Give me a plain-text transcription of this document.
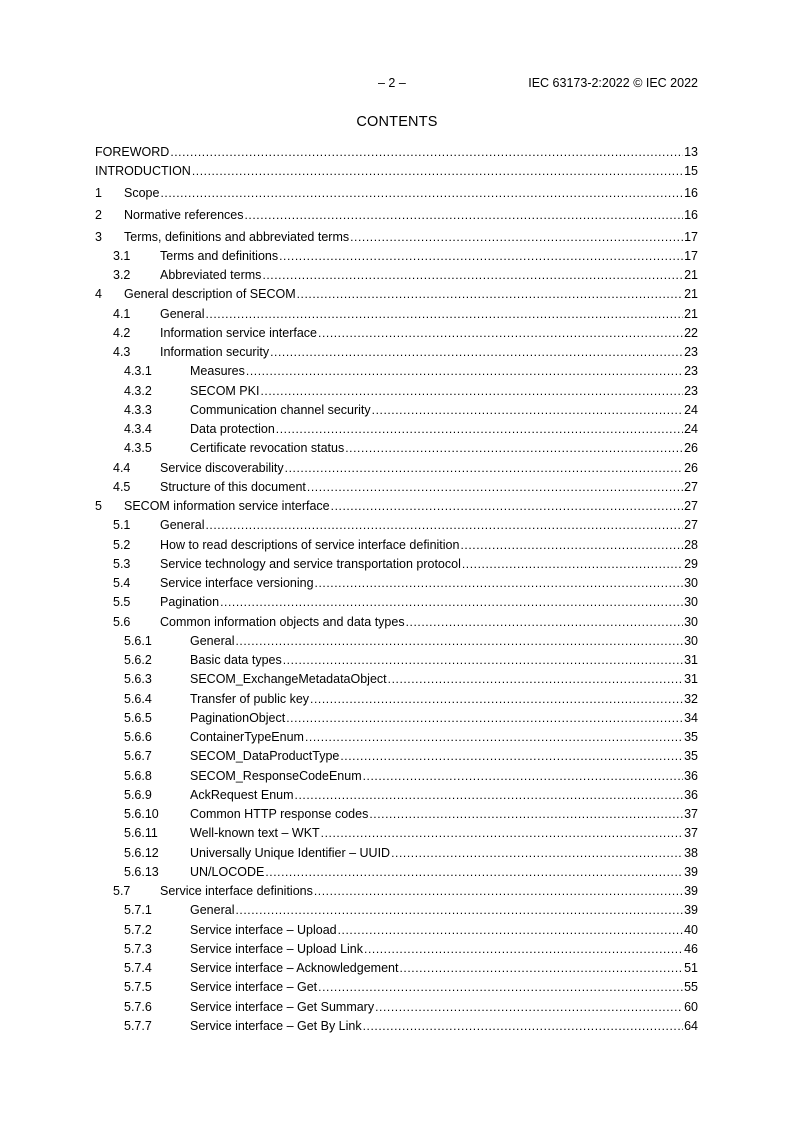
– 2 –	IEC 63173-2:2022 © IEC 2022
CONTENTS
FOREWORD .....	13
INTRODUCTION .....	15
1 Scope .....	16
2 Normative references .....	16
3 Terms, definitions and abbreviated terms .....	17
3.1 Terms and definitions .....	17
3.2 Abbreviated terms .....	21
4 General description of SECOM .....	21
4.1 General .....	21
4.2 Information service interface .....	22
4.3 Information security .....	23
4.3.1	Measures .....	23
4.3.2	SECOM PKI .....	23
4.3.3	Communication channel security .....	24
4.3.4	Data protection .....	24
4.3.5	Certificate revocation status .....	26
4.4 Service discoverability .....	26
4.5 Structure of this document .....	27
5 SECOM information service interface .....	27
5.1 General .....	27
5.2 How to read descriptions of service interface definition .....	28
5.3 Service technology and service transportation protocol .....	29
5.4 Service interface versioning .....	30
5.5 Pagination .....	30
5.6 Common information objects and data types .....	30
5.6.1	General .....	30
5.6.2	Basic data types .....	31
5.6.3	SECOM_ExchangeMetadataObject .....	31
5.6.4	Transfer of public key .....	32
5.6.5	PaginationObject .....	34
5.6.6	ContainerTypeEnum .....	35
5.6.7	SECOM_DataProductType .....	35
5.6.8	SECOM_ResponseCodeEnum .....	36
5.6.9	AckRequest Enum .....	36
5.6.10 Common HTTP response codes .....	37
5.6.11	Well-known text – WKT .....	37
5.6.12 Universally Unique Identifier – UUID .....	38
5.6.13 UN/LOCODE .....	39
5.7 Service interface definitions .....	39
5.7.1	General .....	39
5.7.2	Service interface – Upload .....	40
5.7.3	Service interface – Upload Link .....	46
5.7.4	Service interface – Acknowledgement .....	51
5.7.5	Service interface – Get .....	55
5.7.6	Service interface – Get Summary .....	60
5.7.7	Service interface – Get By Link .....	64
